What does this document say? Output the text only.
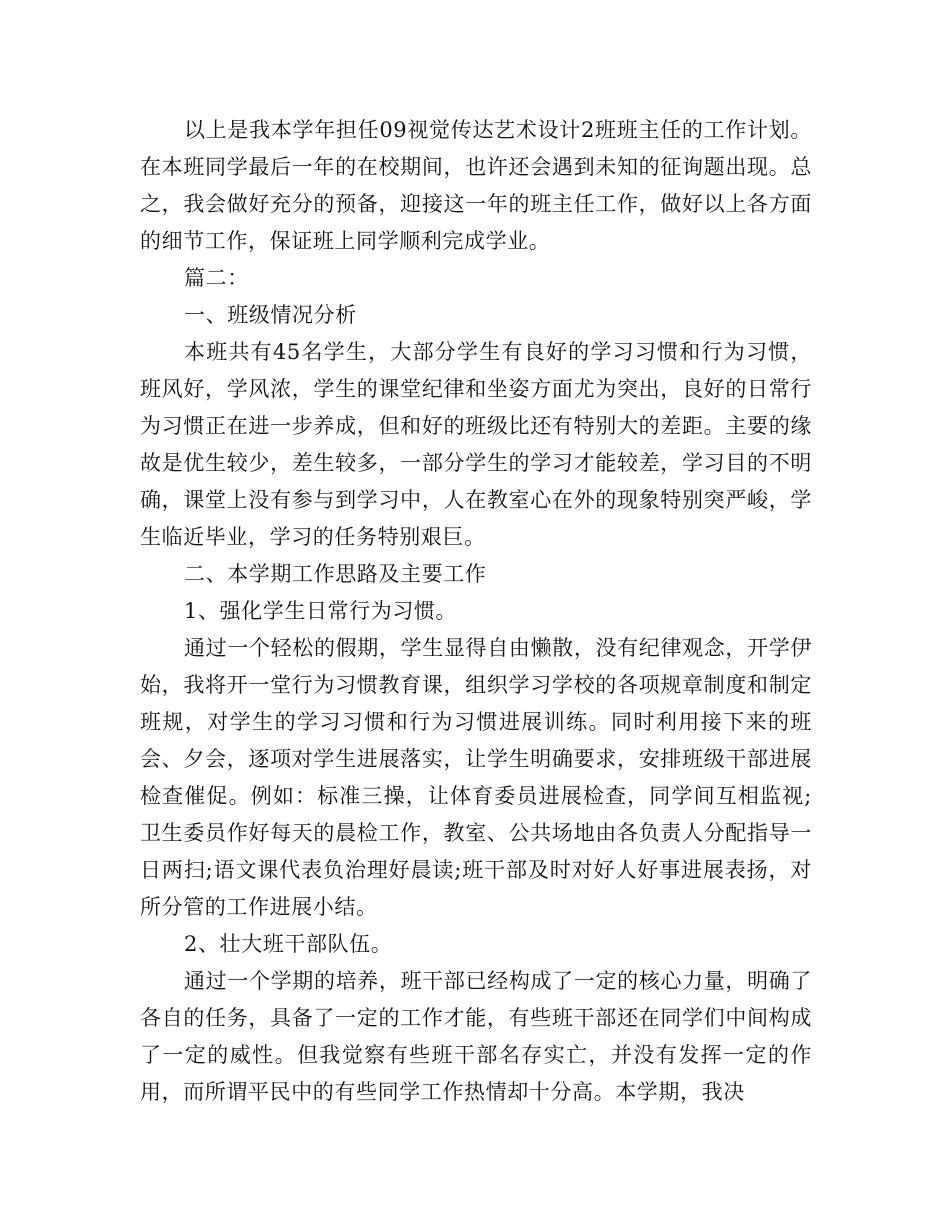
以上是我本学年担任09视觉传达艺术设计2班班主任的工作计划。在本班同学最后一年的在校期间，也许还会遇到未知的征询题出现。总之，我会做好充分的预备，迎接这一年的班主任工作，做好以上各方面的细节工作，保证班上同学顺利完成学业。

篇二：

一、班级情况分析

本班共有45名学生，大部分学生有良好的学习习惯和行为习惯，班风好，学风浓，学生的课堂纪律和坐姿方面尤为突出，良好的日常行为习惯正在进一步养成，但和好的班级比还有特别大的差距。主要的缘故是优生较少，差生较多，一部分学生的学习才能较差，学习目的不明确，课堂上没有参与到学习中，人在教室心在外的现象特别突严峻，学生临近毕业，学习的任务特别艰巨。

二、本学期工作思路及主要工作

1、强化学生日常行为习惯。

通过一个轻松的假期，学生显得自由懒散，没有纪律观念，开学伊始，我将开一堂行为习惯教育课，组织学习学校的各项规章制度和制定班规，对学生的学习习惯和行为习惯进展训练。同时利用接下来的班会、夕会，逐项对学生进展落实，让学生明确要求，安排班级干部进展检查催促。例如：标准三操，让体育委员进展检查，同学间互相监视;卫生委员作好每天的晨检工作，教室、公共场地由各负责人分配指导一日两扫;语文课代表负治理好晨读;班干部及时对好人好事进展表扬，对所分管的工作进展小结。

2、壮大班干部队伍。

通过一个学期的培养，班干部已经构成了一定的核心力量，明确了各自的任务，具备了一定的工作才能，有些班干部还在同学们中间构成了一定的威性。但我觉察有些班干部名存实亡，并没有发挥一定的作用，而所谓平民中的有些同学工作热情却十分高。本学期，我决
